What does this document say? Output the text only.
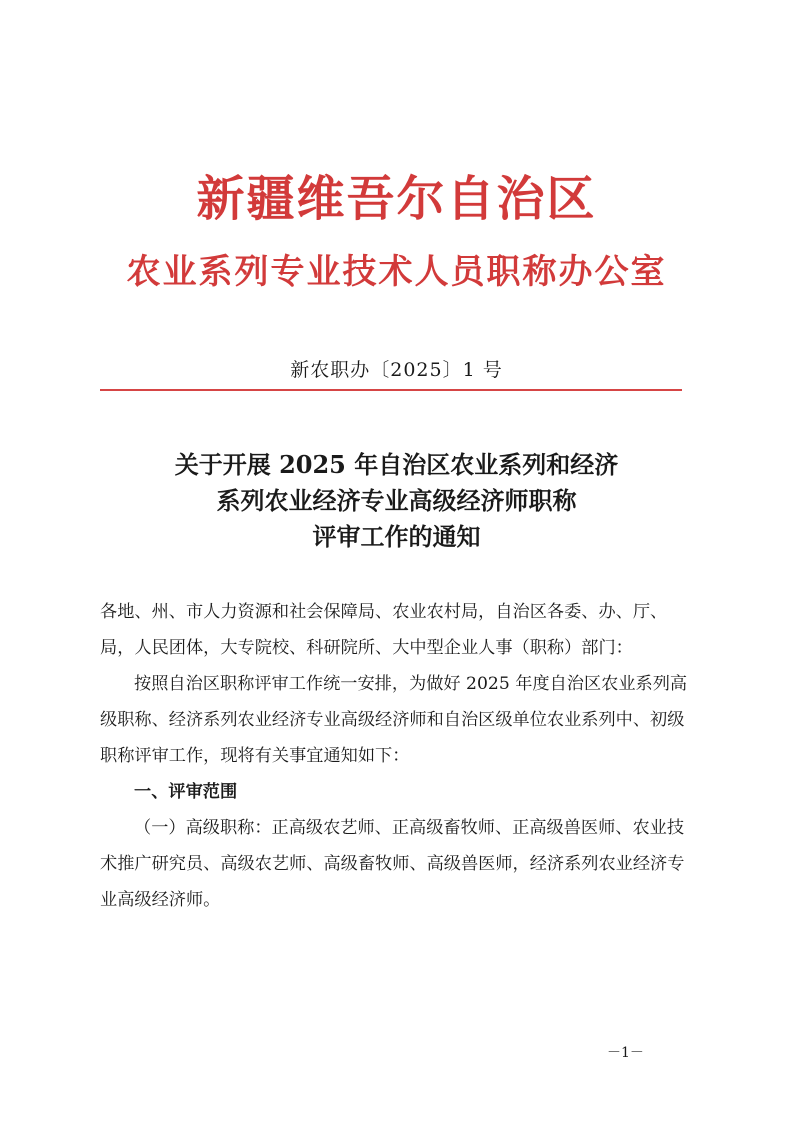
新疆维吾尔自治区
农业系列专业技术人员职称办公室
新农职办〔2025〕1 号
关于开展 2025 年自治区农业系列和经济
系列农业经济专业高级经济师职称
评审工作的通知

各地、州、市人力资源和社会保障局、农业农村局，自治区各委、办、厅、局，人民团体，大专院校、科研院所、大中型企业人事（职称）部门：

按照自治区职称评审工作统一安排，为做好 2025 年度自治区农业系列高级职称、经济系列农业经济专业高级经济师和自治区级单位农业系列中、初级职称评审工作，现将有关事宜通知如下：

一、评审范围

（一）高级职称：正高级农艺师、正高级畜牧师、正高级兽医师、农业技术推广研究员、高级农艺师、高级畜牧师、高级兽医师，经济系列农业经济专业高级经济师。

－1－
